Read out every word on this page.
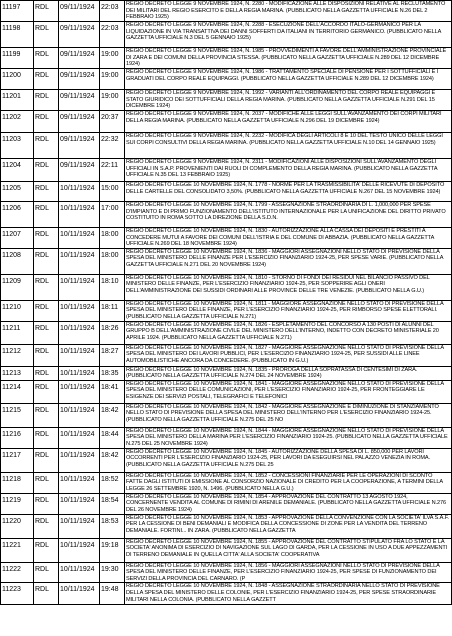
11197	RDL	09/11/1924	22:03	REGIO DECRETO LEGGE 9 NOVEMBRE 1924, N. 2280 - MODIFICAZIONE ALLE DISPOSIZIONI RELATIVE AL RECLUTAMENTO DEI MILITARI DEL REGIO ESERCITO E DELLA REGIA MARINA. (PUBBLICATO NELLA GAZZETTA UFFICIALE N.26 DEL 2 FEBBRAIO 1925)
11198	RDL	09/11/1924	22:03	REGIO DECRETO LEGGE 9 NOVEMBRE 1924, N. 2288 - ESECUZIONE DELL'ACCORDO ITALO-GERMANICO PER LA LIQUIDAZIONE IN VIA TRANSATTIVA DEI DANNI SOFFERTI DA ITALIANI IN TERRITORIO GERMANICO. (PUBBLICATO NELLA GAZZETTA UFFICIALE N.3 DEL 5 GENNAIO 1925)
11199	RDL	09/11/1924	19:00	REGIO DECRETO LEGGE 9 NOVEMBRE 1924, N. 1985 - PROVVEDIMENTI A FAVORE DELL'AMMINISTRAZIONE PROVINCIALE DI ZARA E DEI COMUNI DELLA PROVINCIA STESSA. (PUBBLICATO NELLA GAZZETTA UFFICIALE N.289 DEL 12 DICEMBRE 1924)
11200	RDL	09/11/1924	19:00	REGIO DECRETO LEGGE 9 NOVEMBRE 1924, N. 1986 - TRATTAMENTO SPECIALE DI PENSIONE PER I SOTTUFFICIALI E I GRADUATI DEL CORPO REALE EQUIPAGGI. (PUBBLICATO NELLA GAZZETTA UFFICIALE N.289 DEL 12 DICEMBRE 1924)
11201	RDL	09/11/1924	19:00	REGIO DECRETO LEGGE 9 NOVEMBRE 1924, N. 1992 - VARIANTI ALL'ORDINAMENTO DEL CORPO REALE EQUIPAGGI E STATO GIURIDICO DEI SOTTUFFICIALI DELLA REGIA MARINA. (PUBBLICATO NELLA GAZZETTA UFFICIALE N.291 DEL 15 DICEMBRE 1924)
11202	RDL	09/11/1924	20:37	REGIO DECRETO LEGGE 9 NOVEMBRE 1924, N. 2037 - MODIFICHE ALLE LEGGI SULL'AVANZAMENTO DEI CORPI MILITARI DELLA REGIA MARINA. (PUBBLICATO NELLA GAZZETTA UFFICIALE N.296 DEL 19 DICEMBRE 1924)
11203	RDL	09/11/1924	22:32	REGIO DECRETO LEGGE 9 NOVEMBRE 1924, N. 2232 - MODIFICA DEGLI ARTICOLI 8 E 10 DEL TESTO UNICO DELLE LEGGI SUI CORPI CONSULTIVI DELLA REGIA MARINA. (PUBBLICATO NELLA GAZZETTA UFFICIALE N.10 DEL 14 GENNAIO 1925)
11204	RDL	09/11/1924	22:11	REGIO DECRETO LEGGE 9 NOVEMBRE 1924, N. 2311 - MODIFICAZIONI ALLE DISPOSIZIONI SULL'AVANZAMENTO DEGLI UFFICIALI IN S.A.P. PROVENIENTI DAI RUOLI DI COMPLEMENTO DELLA REGIA MARINA. (PUBBLICATO NELLA GAZZETTA UFFICIALE N.35 DEL 13 FEBBRAIO 1925)
11205	RDL	10/11/1924	15:00	REGIO DECRETO LEGGE 10 NOVEMBRE 1924, N. 1778 - NORME PER LA TRASMISSIBILITA' DELLE RICEVUTE DI DEPOSITO DELLE CARTELLE DEL CONSOLIDATO 3,50%. (PUBBLICATO NELLA GAZZETTA UFFICIALE N.267 DEL 15 NOVEMBRE 1924)
11206	RDL	10/11/1924	17:00	REGIO DECRETO LEGGE 10 NOVEMBRE 1924, N. 1799 - ASSEGNAZIONE STRAORDINARIA DI L. 1,000,000 PER SPESE D'IMPIANTO E DI PRIMO FUNZIONAMENTO DELL'ISTITUTO INTERNAZIONALE PER LA UNIFICAZIONE DEL DIRITTO PRIVATO COSTITUITO IN ROMA SOTTO LA DIREZIONE DELLA S.D.N.
11207	RDL	10/11/1924	18:00	REGIO DECRETO LEGGE 10 NOVEMBRE 1924, N. 1830 - AUTORIZZAZIONE ALLA CASSA DEI DEPOSITI E PRESTITI A CONCEDERE MUTUI A FAVORE DEI COMUNI DELL'ISTRIA E DEL COMUNE DI ABBAZIA. (PUBBLICATO NELLA GAZZETTA UFFICIALE N.269 DEL 18 NOVEMBRE 1924)
11208	RDL	10/11/1924	18:00	REGIO DECRETO LEGGE 10 NOVEMBRE 1924, N. 1836 - MAGGIORI ASSEGNAZIONI NELLO STATO DI PREVISIONE DELLA SPESA DEL MINISTERO DELLE FINANZE PER L'ESERCIZIO FINANZIARIO 1924-25, PER SPESE VARIE. (PUBBLICATO NELLA GAZZETTA UFFICIALE N.271 DEL 20 NOVEMBRE 1924)
11209	RDL	10/11/1924	18:10	REGIO DECRETO LEGGE 10 NOVEMBRE 1924, N. 1810 - STORNO DI FONDI DEI RESIDUI NEL BILANCIO PASSIVO DEL MINISTERO DELLE FINANZE, PER L'ESERCIZIO FINANZIARIO 1924-25, PER SOPPERIRE AGLI ONERI DELL'AMMINISTRAZIONE DEI SUSSIDI ORDINARI ALLE PROVINCE DELLE TRE VENEZIE. (PUBBLICATO NELLA G.U.)
11210	RDL	10/11/1924	18:11	REGIO DECRETO LEGGE 10 NOVEMBRE 1924, N. 1811 - MAGGIORE ASSEGNAZIONE NELLO STATO DI PREVISIONE DELLA SPESA DEL MINISTERO DELLE FINANZE, PER L'ESERCIZIO FINANZIARIO 1924-25, PER RIMBORSO SPESE ELETTORALI. (PUBBLICATO NELLA GAZZETTA UFFICIALE N.271)
11211	RDL	10/11/1924	18:26	REGIO DECRETO LEGGE 10 NOVEMBRE 1924, N. 1826 - ESPLETAMENTO DEL CONCORSO A 130 POSTI DI ALUNNI DEL GRUPPO B DELL'AMMINISTRAZIONE CIVILE DEL MINISTERO DELL'INTERNO, INDETTO CON DECRETO MINISTERIALE 20 APRILE 1924. (PUBBLICATO NELLA GAZZETTA UFFICIALE N.271)
11212	RDL	10/11/1924	18:27	REGIO DECRETO LEGGE 10 NOVEMBRE 1924, N. 1827 - MAGGIORE ASSEGNAZIONE NELLO STATO DI PREVISIONE DELLA SPESA DEL MINISTERO DEI LAVORI PUBBLICI, PER L'ESERCIZIO FINANZIARIO 1924-25, PER SUSSIDI ALLE LINEE AUTOMOBILISTICHE ANCORA DA CONCEDERE. (PUBBLICATO IN G.U.)
11213	RDL	10/11/1924	18:35	REGIO DECRETO LEGGE 10 NOVEMBRE 1924, N. 1835 - PROROGA DELLA SOPRATASSA DI CENTESIMI DI ZARA. (PUBBLICATO NELLA GAZZETTA UFFICIALE N.274 DEL 24 NOVEMBRE 1924)
11214	RDL	10/11/1924	18:41	REGIO DECRETO LEGGE 10 NOVEMBRE 1924, N. 1841 - MAGGIORE ASSEGNAZIONE NELLO STATO DI PREVISIONE DELLA SPESA DEL MINISTERO DELLE COMUNICAZIONI, PER L'ESERCIZIO FINANZIARIO 1924-25, PER FRONTEGGIARE LE ESIGENZE DEI SERVIZI POSTALI, TELEGRAFICI E TELEFONICI
11215	RDL	10/11/1924	18:42	REGIO DECRETO LEGGE 10 NOVEMBRE 1924, N. 1842 - MAGGIORE ASSEGNAZIONE E DIMINUZIONE DI STANZIAMENTO NELLO STATO DI PREVISIONE DELLA SPESA DEL MINISTERO DELL'INTERNO PER L'ESERCIZIO FINANZIARIO 1924-25. (PUBBLICATO NELLA GAZZETTA UFFICIALE N.275 DEL 25 NO
11216	RDL	10/11/1924	18:44	REGIO DECRETO LEGGE 10 NOVEMBRE 1924, N. 1844 - MAGGIORE ASSEGNAZIONE NELLO STATO DI PREVISIONE DELLA SPESA DEL MINISTERO DELLA MARINA PER L'ESERCIZIO FINANZIARIO 1924-25. (PUBBLICATO NELLA GAZZETTA UFFICIALE N.275 DEL 25 NOVEMBRE 1924)
11217	RDL	10/11/1924	18:42	REGIO DECRETO LEGGE 10 NOVEMBRE 1924, N. 1845 - AUTORIZZAZIONE DELLA SPESA DI L. 850,000 PER LAVORI OCCORRENTI PER L'ESERCIZIO FINANZIARIO 1924-25, PER LAVORI DA ESEGUIRSI NEL PALAZZO VENEZIA IN ROMA. (PUBBLICATO NELLA GAZZETTA UFFICIALE N.275 DEL 25
11218	RDL	10/11/1924	18:52	REGIO DECRETO LEGGE 10 NOVEMBRE 1924, N. 1852 - CONCESSIONI FINANZIARIE PER LE OPERAZIONI DI SCONTO FATTE DAGLI ISTITUTI DI EMISSIONE AL CONSORZIO NAZIONALE DI CREDITO PER LA COOPERAZIONE, A TERMINI DELLA LEGGE 26 SETTEMBRE 1920, N. 1496. (PUBBLICATO NELLA G.U.)
11219	RDL	10/11/1924	18:54	REGIO DECRETO LEGGE 10 NOVEMBRE 1924, N. 1854 - APPROVAZIONE DEL CONTRATTO 13 AGOSTO 1924, CONCERNENTE VENDITA AL COMUNE DI RIMINI DI ARENILE DEMANIALE. (PUBBLICATO NELLA GAZZETTA UFFICIALE N.276 DEL 26 NOVEMBRE 1924)
11220	RDL	10/11/1924	18:53	REGIO DECRETO LEGGE 10 NOVEMBRE 1924, N. 1853 - APPROVAZIONE DELLA CONVENZIONE CON LA SOCIETA' ILVA S.A.F. PER LA CESSIONE DI BENI DEMANIALI E MODIFICA DELLA CONCESSIONE DI ZONE PER LA VENDITA DEL TERRENO DEMANIALE. FORTINI... IN ZARA. (PUBBLICATO NELLA GAZZETTA
11221	RDL	10/11/1924	19:18	REGIO DECRETO LEGGE 10 NOVEMBRE 1924, N. 1855 - APPROVAZIONE DEL CONTRATTO STIPULATO FRA LO STATO E LA SOCIETA' ANONIMA DI ESERCIZIO DI NAVIGAZIONE SUL LAGO DI GARDA, PER LA CESSIONE IN USO A DUE APPEZZAMENTI DI TERRENO DEMANIALE IN QUELLA CITTA' ALLA SOCIETA' COOPERATIVA
11222	RDL	10/11/1924	19:30	REGIO DECRETO LEGGE 10 NOVEMBRE 1924, N. 1856 - MAGGIORI ASSEGNAZIONI NELLO STATO DI PREVISIONE DELLA SPESA DEL MINISTERO DELLE FINANZE, PER L'ESERCIZIO FINANZIARIO 1924-25, PER SPESE DI FUNZIONAMENTO DEI SERVIZI DELLA PROVINCIA DEL CARNARO. (P
11223	RDL	10/11/1924	19:48	REGIO DECRETO LEGGE 10 NOVEMBRE 1924, N. 1848 - ASSEGNAZIONE STRAORDINARIA NELLO STATO DI PREVISIONE DELLA SPESA DEL MINISTERO DELLE COLONIE, PER L'ESERCIZIO FINANZIARIO 1924-25, PER SPESE STRAORDINARIE MILITARI NELLA COLONIA. (PUBBLICATO NELLA GAZZETT
